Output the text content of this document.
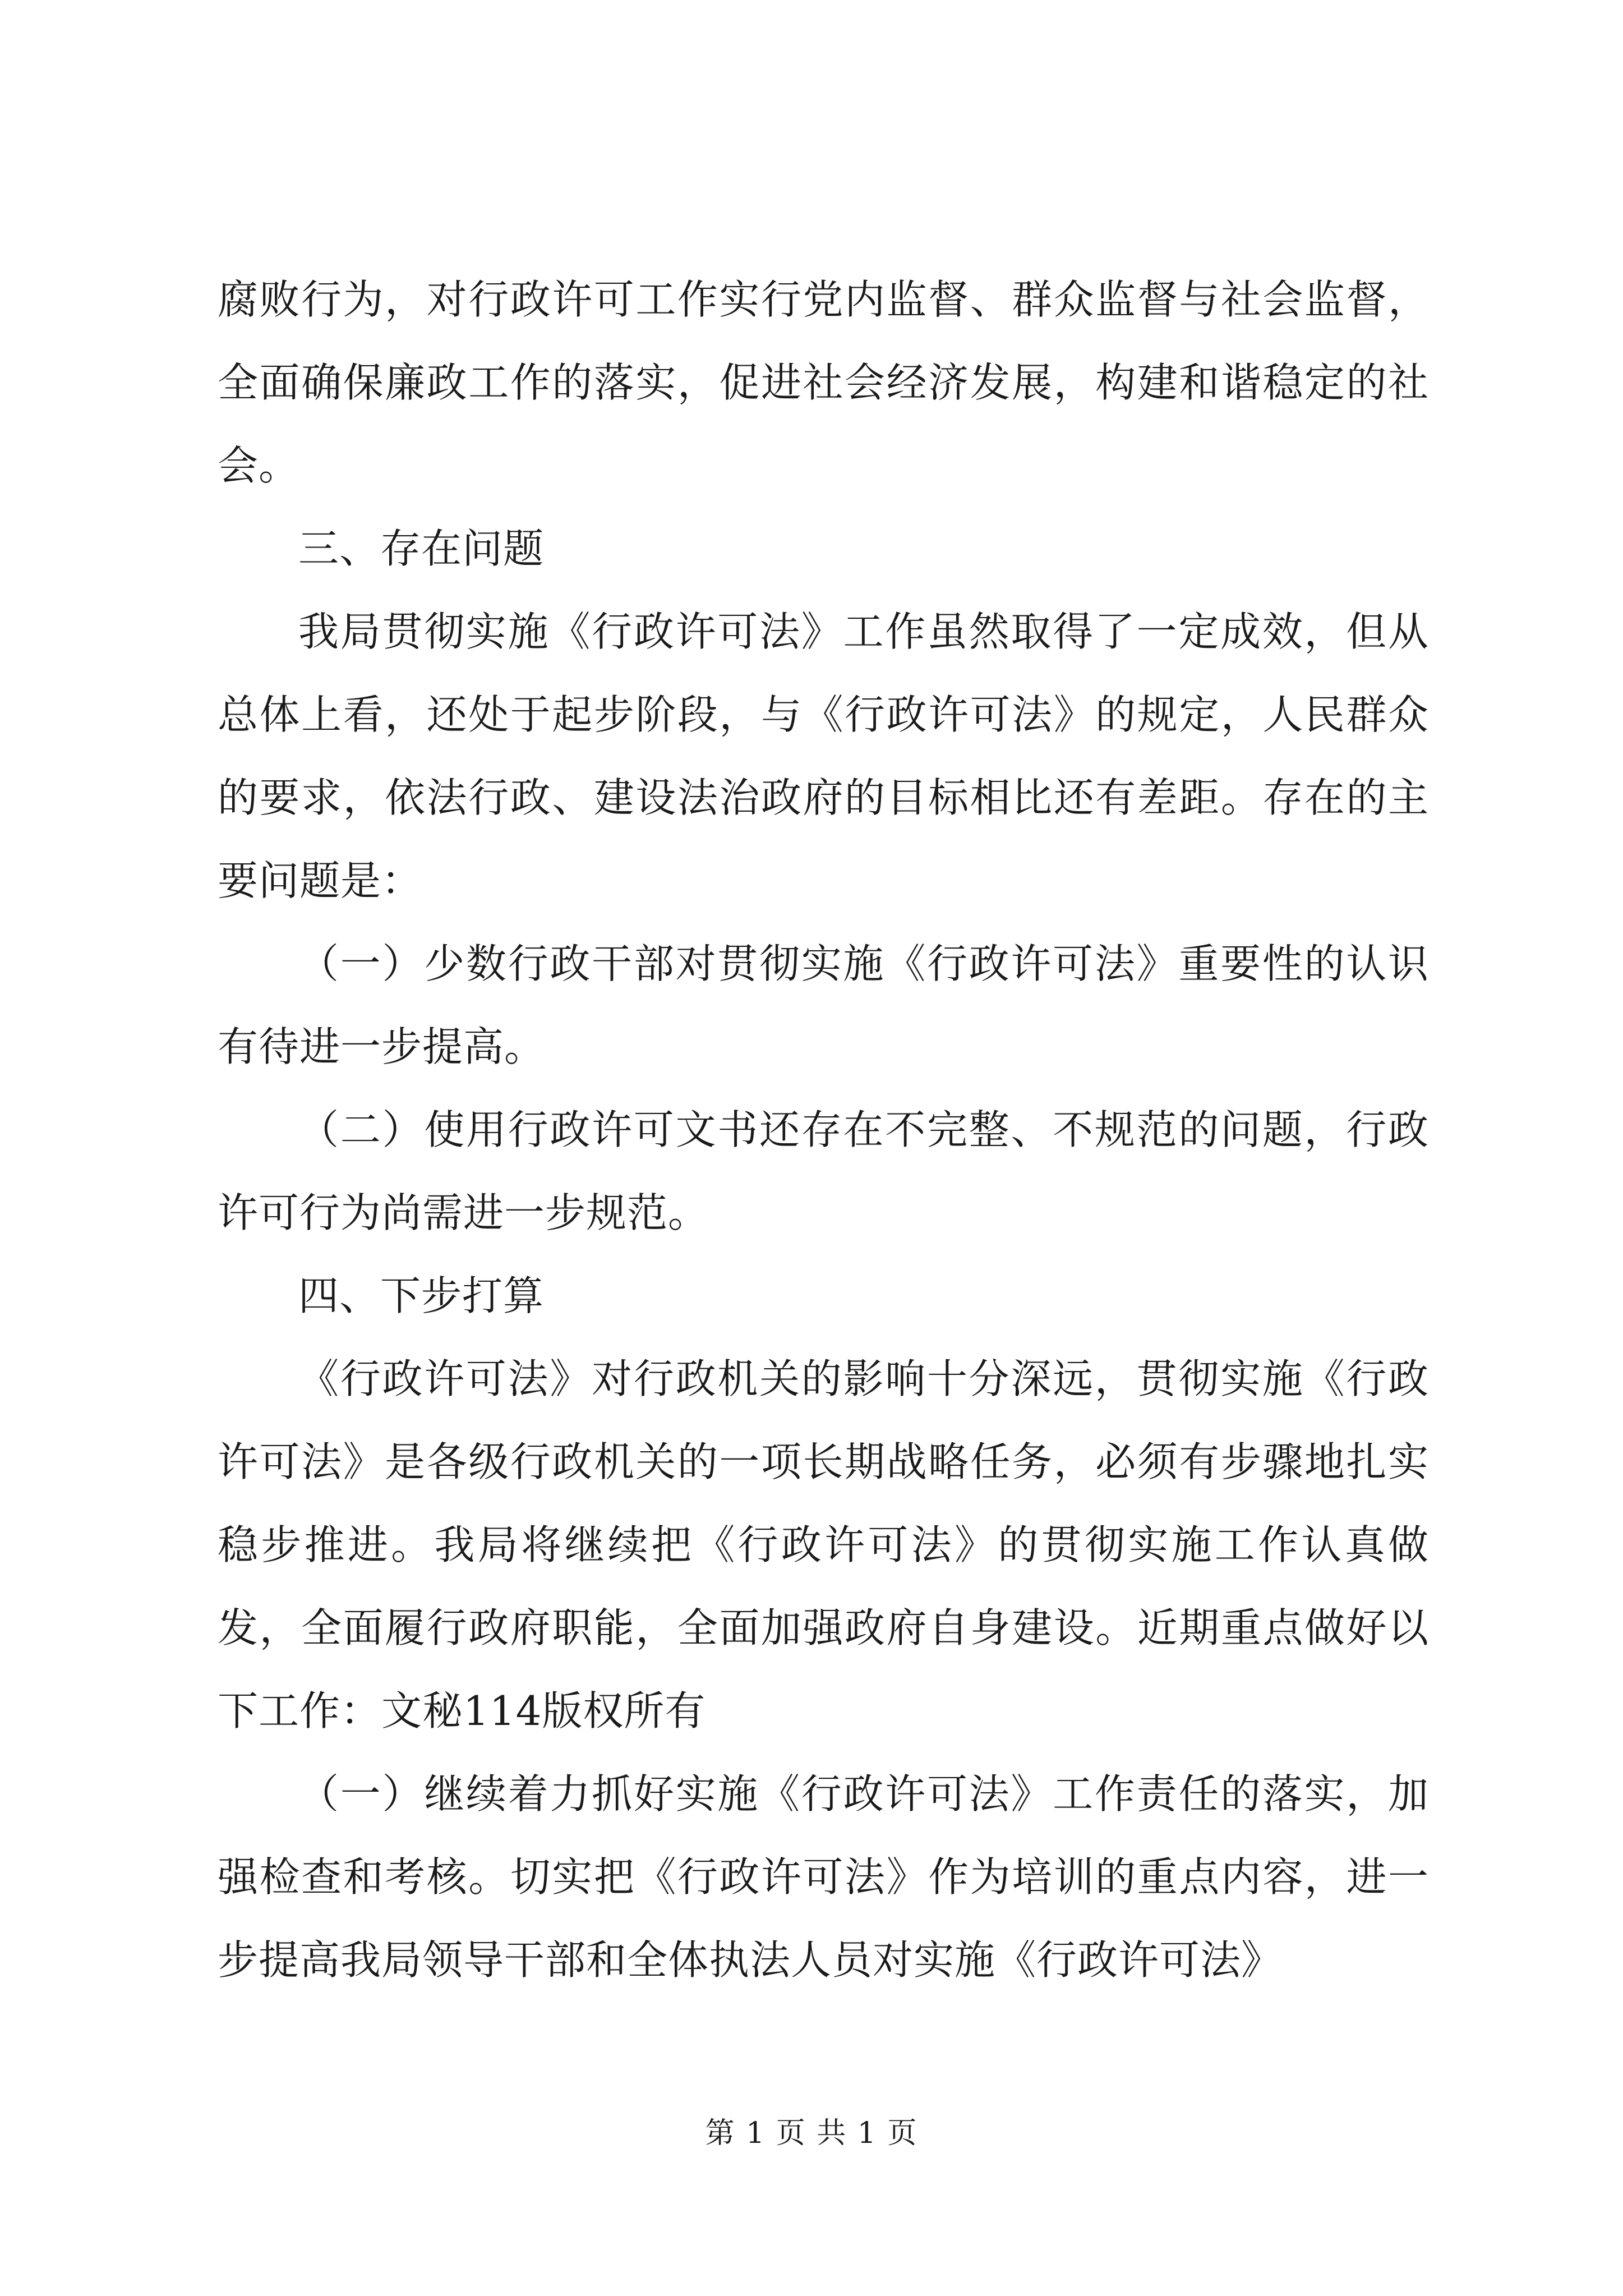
腐败行为，对行政许可工作实行党内监督、群众监督与社会监督，全面确保廉政工作的落实，促进社会经济发展，构建和谐稳定的社会。

三、存在问题

我局贯彻实施《行政许可法》工作虽然取得了一定成效，但从总体上看，还处于起步阶段，与《行政许可法》的规定，人民群众的要求，依法行政、建设法治政府的目标相比还有差距。存在的主要问题是：

（一）少数行政干部对贯彻实施《行政许可法》重要性的认识有待进一步提高。

（二）使用行政许可文书还存在不完整、不规范的问题，行政许可行为尚需进一步规范。

四、下步打算

《行政许可法》对行政机关的影响十分深远，贯彻实施《行政许可法》是各级行政机关的一项长期战略任务，必须有步骤地扎实稳步推进。我局将继续把《行政许可法》的贯彻实施工作认真做发，全面履行政府职能，全面加强政府自身建设。近期重点做好以下工作：文秘114版权所有

（一）继续着力抓好实施《行政许可法》工作责任的落实，加强检查和考核。切实把《行政许可法》作为培训的重点内容，进一步提高我局领导干部和全体执法人员对实施《行政许可法》

第 1 页 共 1 页
